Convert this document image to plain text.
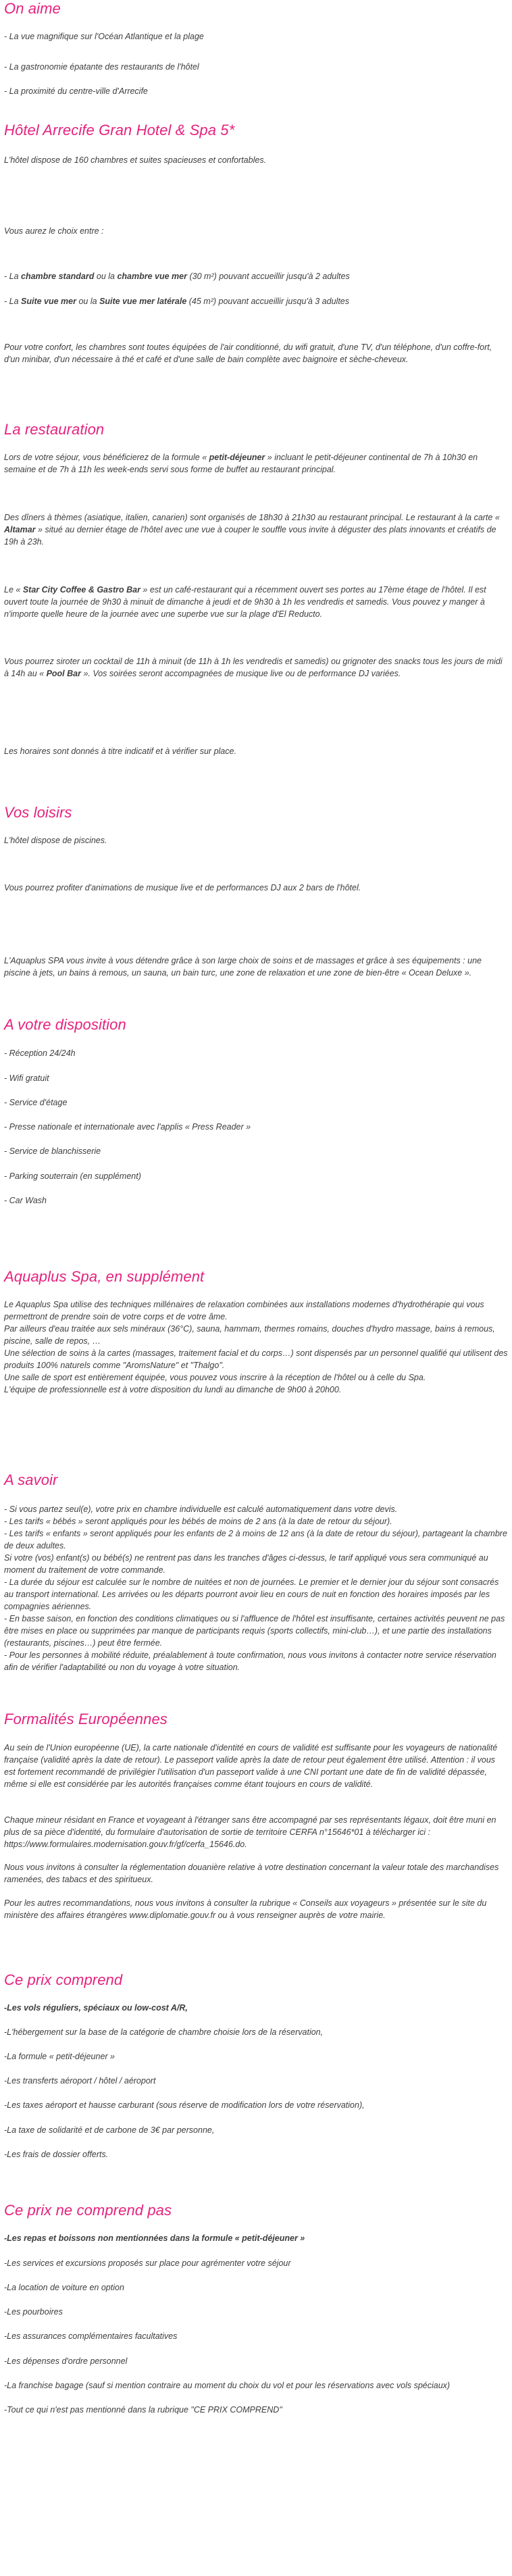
On aime

- La vue magnifique sur l'Océan Atlantique et la plage

- La gastronomie épatante des restaurants de l'hôtel

- La proximité du centre-ville d'Arrecife

Hôtel Arrecife Gran Hotel & Spa 5*

L'hôtel dispose de 160 chambres et suites spacieuses et confortables.

Vous aurez le choix entre :

- La chambre standard ou la chambre vue mer (30 m²) pouvant accueillir jusqu'à 2 adultes

- La Suite vue mer ou la Suite vue mer latérale (45 m²) pouvant accueillir jusqu'à 3 adultes

Pour votre confort, les chambres sont toutes équipées de l'air conditionné, du wifi gratuit, d'une TV, d'un téléphone, d'un coffre-fort, d'un minibar, d'un nécessaire à thé et café et d'une salle de bain complète avec baignoire et sèche-cheveux.

La restauration

Lors de votre séjour, vous bénéficierez de la formule « petit-déjeuner » incluant le petit-déjeuner continental de 7h à 10h30 en semaine et de 7h à 11h les week-ends servi sous forme de buffet au restaurant principal.

Des dîners à thèmes (asiatique, italien, canarien) sont organisés de 18h30 à 21h30 au restaurant principal. Le restaurant à la carte « Altamar » situé au dernier étage de l'hôtel avec une vue à couper le souffle vous invite à déguster des plats innovants et créatifs de 19h à 23h.

Le « Star City Coffee & Gastro Bar » est un café-restaurant qui a récemment ouvert ses portes au 17ème étage de l'hôtel. Il est ouvert toute la journée de 9h30 à minuit de dimanche à jeudi et de 9h30 à 1h les vendredis et samedis. Vous pouvez y manger à n'importe quelle heure de la journée avec une superbe vue sur la plage d'El Reducto.

Vous pourrez siroter un cocktail de 11h à minuit (de 11h à 1h les vendredis et samedis) ou grignoter des snacks tous les jours de midi à 14h au « Pool Bar ». Vos soirées seront accompagnées de musique live ou de performance DJ variées.

Les horaires sont donnés à titre indicatif et à vérifier sur place.

Vos loisirs

L'hôtel dispose de piscines.

Vous pourrez profiter d'animations de musique live et de performances DJ aux 2 bars de l'hôtel.

L'Aquaplus SPA vous invite à vous détendre grâce à son large choix de soins et de massages et grâce à ses équipements : une piscine à jets, un bains à remous, un sauna, un bain turc, une zone de relaxation et une zone de bien-être « Ocean Deluxe ».

A votre disposition

- Réception 24/24h

- Wifi gratuit

- Service d'étage

- Presse nationale et internationale avec l'applis « Press Reader »

- Service de blanchisserie

- Parking souterrain (en supplément)

- Car Wash

Aquaplus Spa, en supplément

Le Aquaplus Spa utilise des techniques millénaires de relaxation combinées aux installations modernes d'hydrothérapie qui vous permettront de prendre soin de votre corps et de votre âme.
Par ailleurs d'eau traitée aux sels minéraux (36°C), sauna, hammam, thermes romains, douches d'hydro massage, bains à remous, piscine, salle de repos, …
Une sélection de soins à la cartes (massages, traitement facial et du corps…) sont dispensés par un personnel qualifié qui utilisent des produits 100% naturels comme "AromsNature" et "Thalgo".
Une salle de sport est entièrement équipée, vous pouvez vous inscrire à la réception de l'hôtel ou à celle du Spa.
L'équipe de professionnelle est à votre disposition du lundi au dimanche de 9h00 à 20h00.

A savoir

- Si vous partez seul(e), votre prix en chambre individuelle est calculé automatiquement dans votre devis.
- Les tarifs « bébés » seront appliqués pour les bébés de moins de 2 ans (à la date de retour du séjour).
- Les tarifs « enfants » seront appliqués pour les enfants de 2 à moins de 12 ans (à la date de retour du séjour), partageant la chambre de deux adultes.
Si votre (vos) enfant(s) ou bébé(s) ne rentrent pas dans les tranches d'âges ci-dessus, le tarif appliqué vous sera communiqué au moment du traitement de votre commande.
- La durée du séjour est calculée sur le nombre de nuitées et non de journées. Le premier et le dernier jour du séjour sont consacrés au transport international. Les arrivées ou les départs pourront avoir lieu en cours de nuit en fonction des horaires imposés par les compagnies aériennes.
- En basse saison, en fonction des conditions climatiques ou si l'affluence de l'hôtel est insuffisante, certaines activités peuvent ne pas être mises en place ou supprimées par manque de participants requis (sports collectifs, mini-club…), et une partie des installations (restaurants, piscines…) peut être fermée.
- Pour les personnes à mobilité réduite, préalablement à toute confirmation, nous vous invitons à contacter notre service réservation afin de vérifier l'adaptabilité ou non du voyage à votre situation.

Formalités Européennes

Au sein de l'Union européenne (UE), la carte nationale d'identité en cours de validité est suffisante pour les voyageurs de nationalité française (validité après la date de retour). Le passeport valide après la date de retour peut également être utilisé. Attention : il vous est fortement recommandé de privilégier l'utilisation d'un passeport valide à une CNI portant une date de fin de validité dépassée, même si elle est considérée par les autorités françaises comme étant toujours en cours de validité.

Chaque mineur résidant en France et voyageant à l'étranger sans être accompagné par ses représentants légaux, doit être muni en plus de sa pièce d'identité, du formulaire d'autorisation de sortie de territoire CERFA n°15646*01 à télécharger ici : https://www.formulaires.modernisation.gouv.fr/gf/cerfa_15646.do.

Nous vous invitons à consulter la réglementation douanière relative à votre destination concernant la valeur totale des marchandises ramenées, des tabacs et des spiritueux.

Pour les autres recommandations, nous vous invitons à consulter la rubrique « Conseils aux voyageurs » présentée sur le site du ministère des affaires étrangères www.diplomatie.gouv.fr ou à vous renseigner auprès de votre mairie.

Ce prix comprend

-Les vols réguliers, spéciaux ou low-cost A/R,

-L'hébergement sur la base de la catégorie de chambre choisie lors de la réservation,

-La formule « petit-déjeuner »

-Les transferts aéroport / hôtel / aéroport

-Les taxes aéroport et hausse carburant (sous réserve de modification lors de votre réservation),

-La taxe de solidarité et de carbone de 3€ par personne,

-Les frais de dossier offerts.

Ce prix ne comprend pas

-Les repas et boissons non mentionnées dans la formule « petit-déjeuner »

-Les services et excursions proposés sur place pour agrémenter votre séjour

-La location de voiture en option

-Les pourboires

-Les assurances complémentaires facultatives

-Les dépenses d'ordre personnel

-La franchise bagage (sauf si mention contraire au moment du choix du vol et pour les réservations avec vols spéciaux)

-Tout ce qui n'est pas mentionné dans la rubrique "CE PRIX COMPREND"
